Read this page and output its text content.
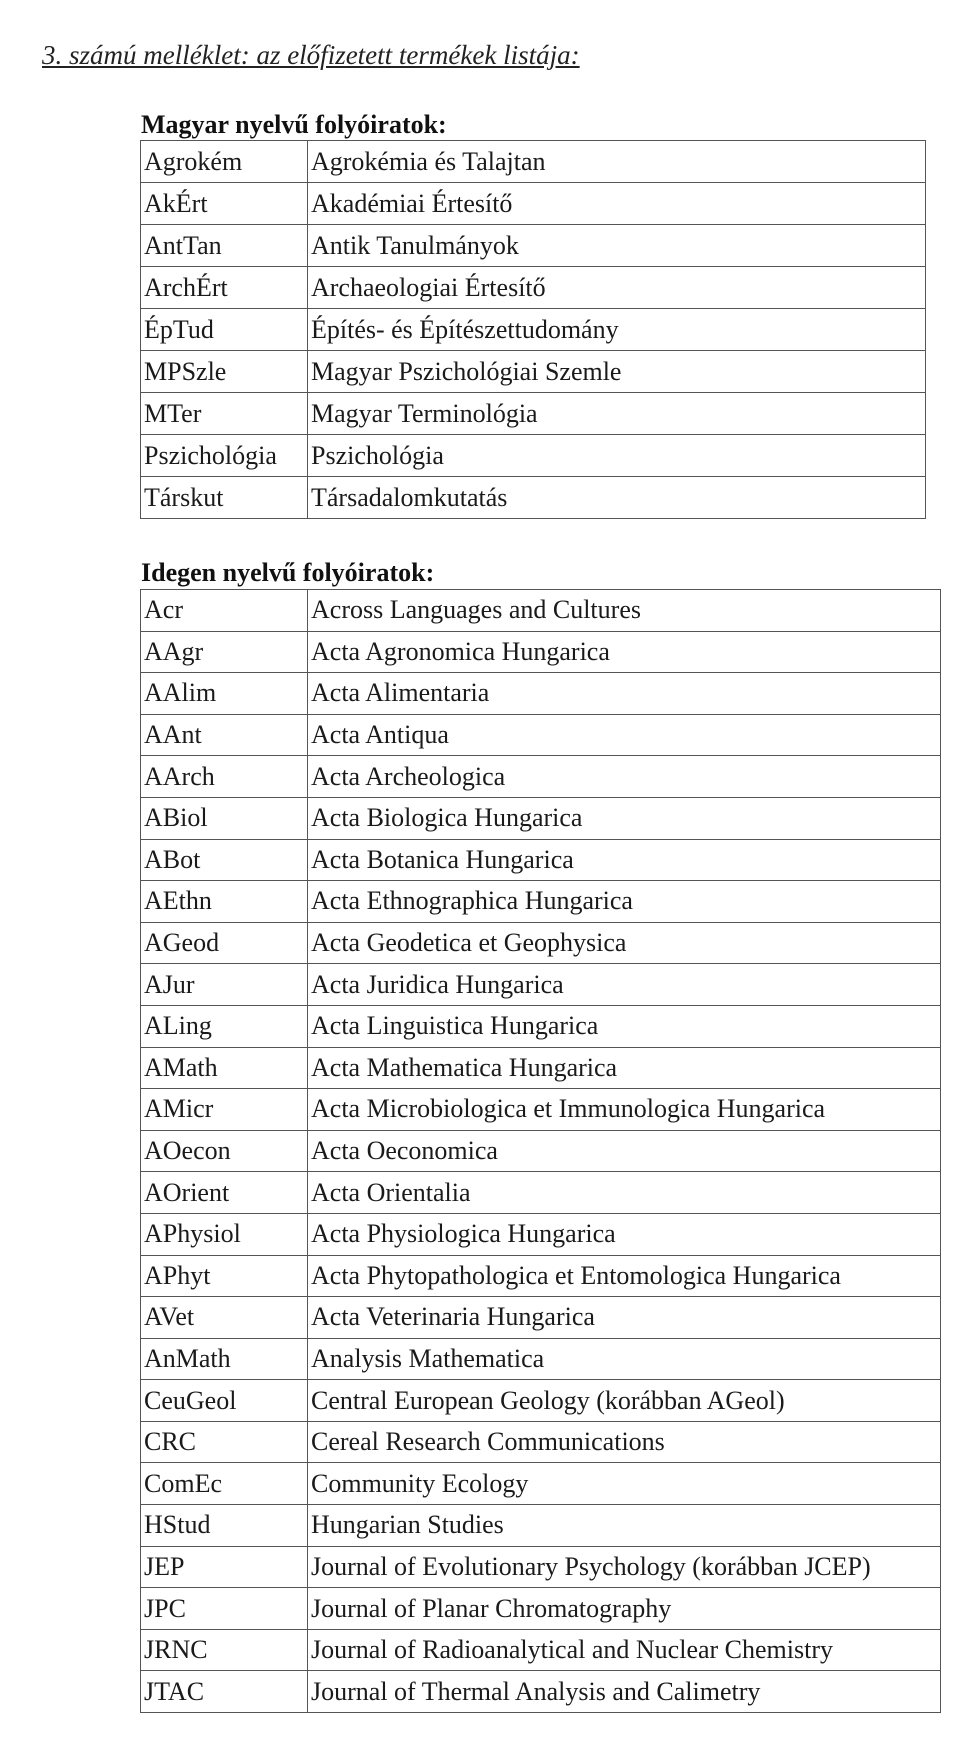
3. számú melléklet: az előfizetett termékek listája:
Magyar nyelvű folyóiratok:
Agrokém	Agrokémia és Talajtan
AkÉrt	Akadémiai Értesítő
AntTan	Antik Tanulmányok
ArchÉrt	Archaeologiai Értesítő
ÉpTud	Építés- és Építészettudomány
MPSzle	Magyar Pszichológiai Szemle
MTer	Magyar Terminológia
Pszichológia	Pszichológia
Társkut	Társadalomkutatás
Idegen nyelvű folyóiratok:
Acr	Across Languages and Cultures
AAgr	Acta Agronomica Hungarica
AAlim	Acta Alimentaria
AAnt	Acta Antiqua
AArch	Acta Archeologica
ABiol	Acta Biologica Hungarica
ABot	Acta Botanica Hungarica
AEthn	Acta Ethnographica Hungarica
AGeod	Acta Geodetica et Geophysica
AJur	Acta Juridica Hungarica
ALing	Acta Linguistica Hungarica
AMath	Acta Mathematica Hungarica
AMicr	Acta Microbiologica et Immunologica Hungarica
AOecon	Acta Oeconomica
AOrient	Acta Orientalia
APhysiol	Acta Physiologica Hungarica
APhyt	Acta Phytopathologica et Entomologica Hungarica
AVet	Acta Veterinaria Hungarica
AnMath	Analysis Mathematica
CeuGeol	Central European Geology (korábban AGeol)
CRC	Cereal Research Communications
ComEc	Community Ecology
HStud	Hungarian Studies
JEP	Journal of Evolutionary Psychology (korábban JCEP)
JPC	Journal of Planar Chromatography
JRNC	Journal of Radioanalytical and Nuclear Chemistry
JTAC	Journal of Thermal Analysis and Calimetry
